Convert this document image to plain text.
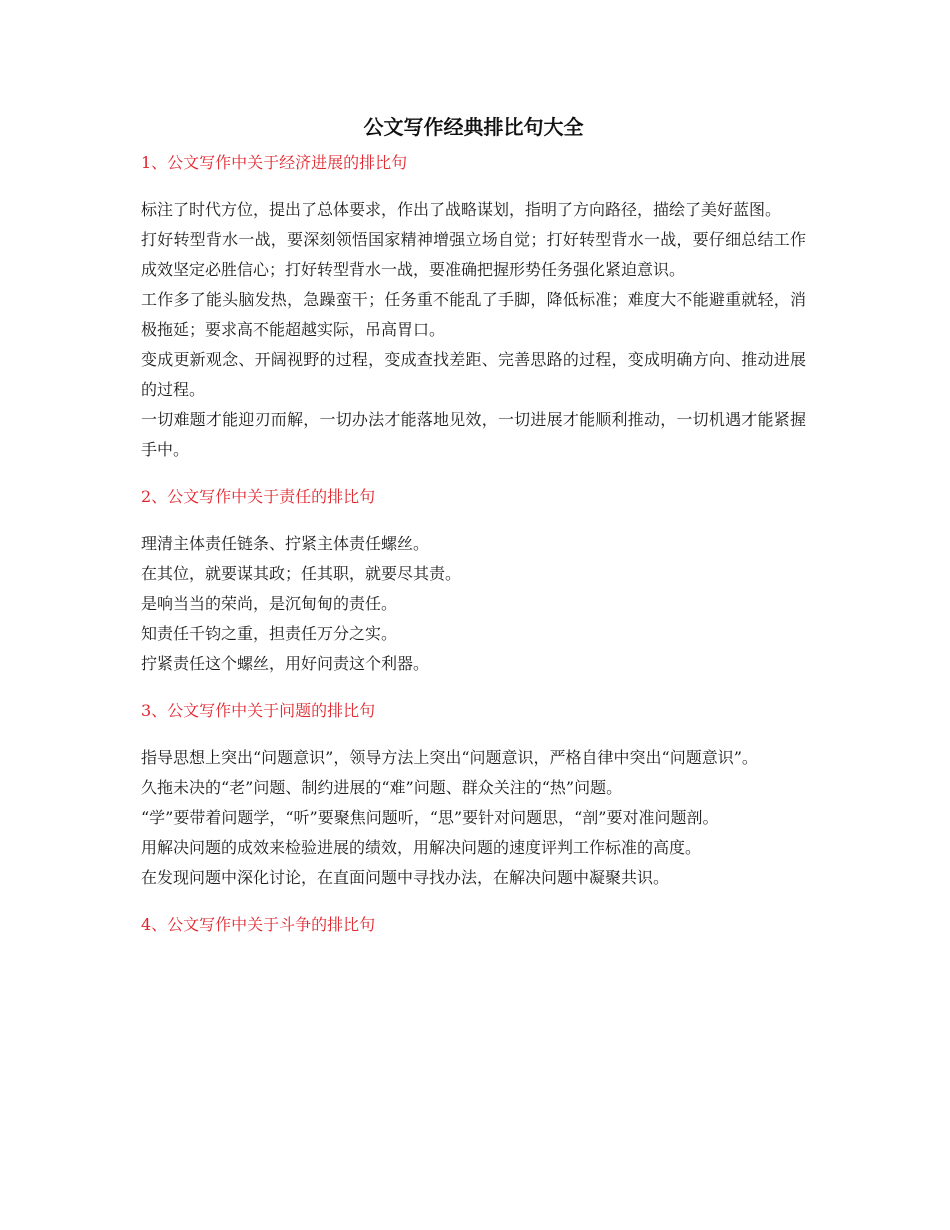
公文写作经典排比句大全
1、公文写作中关于经济进展的排比句

标注了时代方位，提出了总体要求，作出了战略谋划，指明了方向路径，描绘了美好蓝图。

打好转型背水一战，要深刻领悟国家精神增强立场自觉；打好转型背水一战，要仔细总结工作成效坚定必胜信心；打好转型背水一战，要准确把握形势任务强化紧迫意识。

工作多了能头脑发热，急躁蛮干；任务重不能乱了手脚，降低标准；难度大不能避重就轻，消极拖延；要求高不能超越实际，吊高胃口。

变成更新观念、开阔视野的过程，变成查找差距、完善思路的过程，变成明确方向、推动进展的过程。

一切难题才能迎刃而解，一切办法才能落地见效，一切进展才能顺利推动，一切机遇才能紧握手中。

2、公文写作中关于责任的排比句

理清主体责任链条、拧紧主体责任螺丝。

在其位，就要谋其政；任其职，就要尽其责。

是响当当的荣尚，是沉甸甸的责任。

知责任千钧之重，担责任万分之实。

拧紧责任这个螺丝，用好问责这个利器。

3、公文写作中关于问题的排比句

指导思想上突出“问题意识”，领导方法上突出“问题意识，严格自律中突出“问题意识”。

久拖未决的“老”问题、制约进展的“难”问题、群众关注的“热”问题。

“学”要带着问题学，“听”要聚焦问题听，“思”要针对问题思，“剖”要对准问题剖。

用解决问题的成效来检验进展的绩效，用解决问题的速度评判工作标准的高度。

在发现问题中深化讨论，在直面问题中寻找办法，在解决问题中凝聚共识。

4、公文写作中关于斗争的排比句
